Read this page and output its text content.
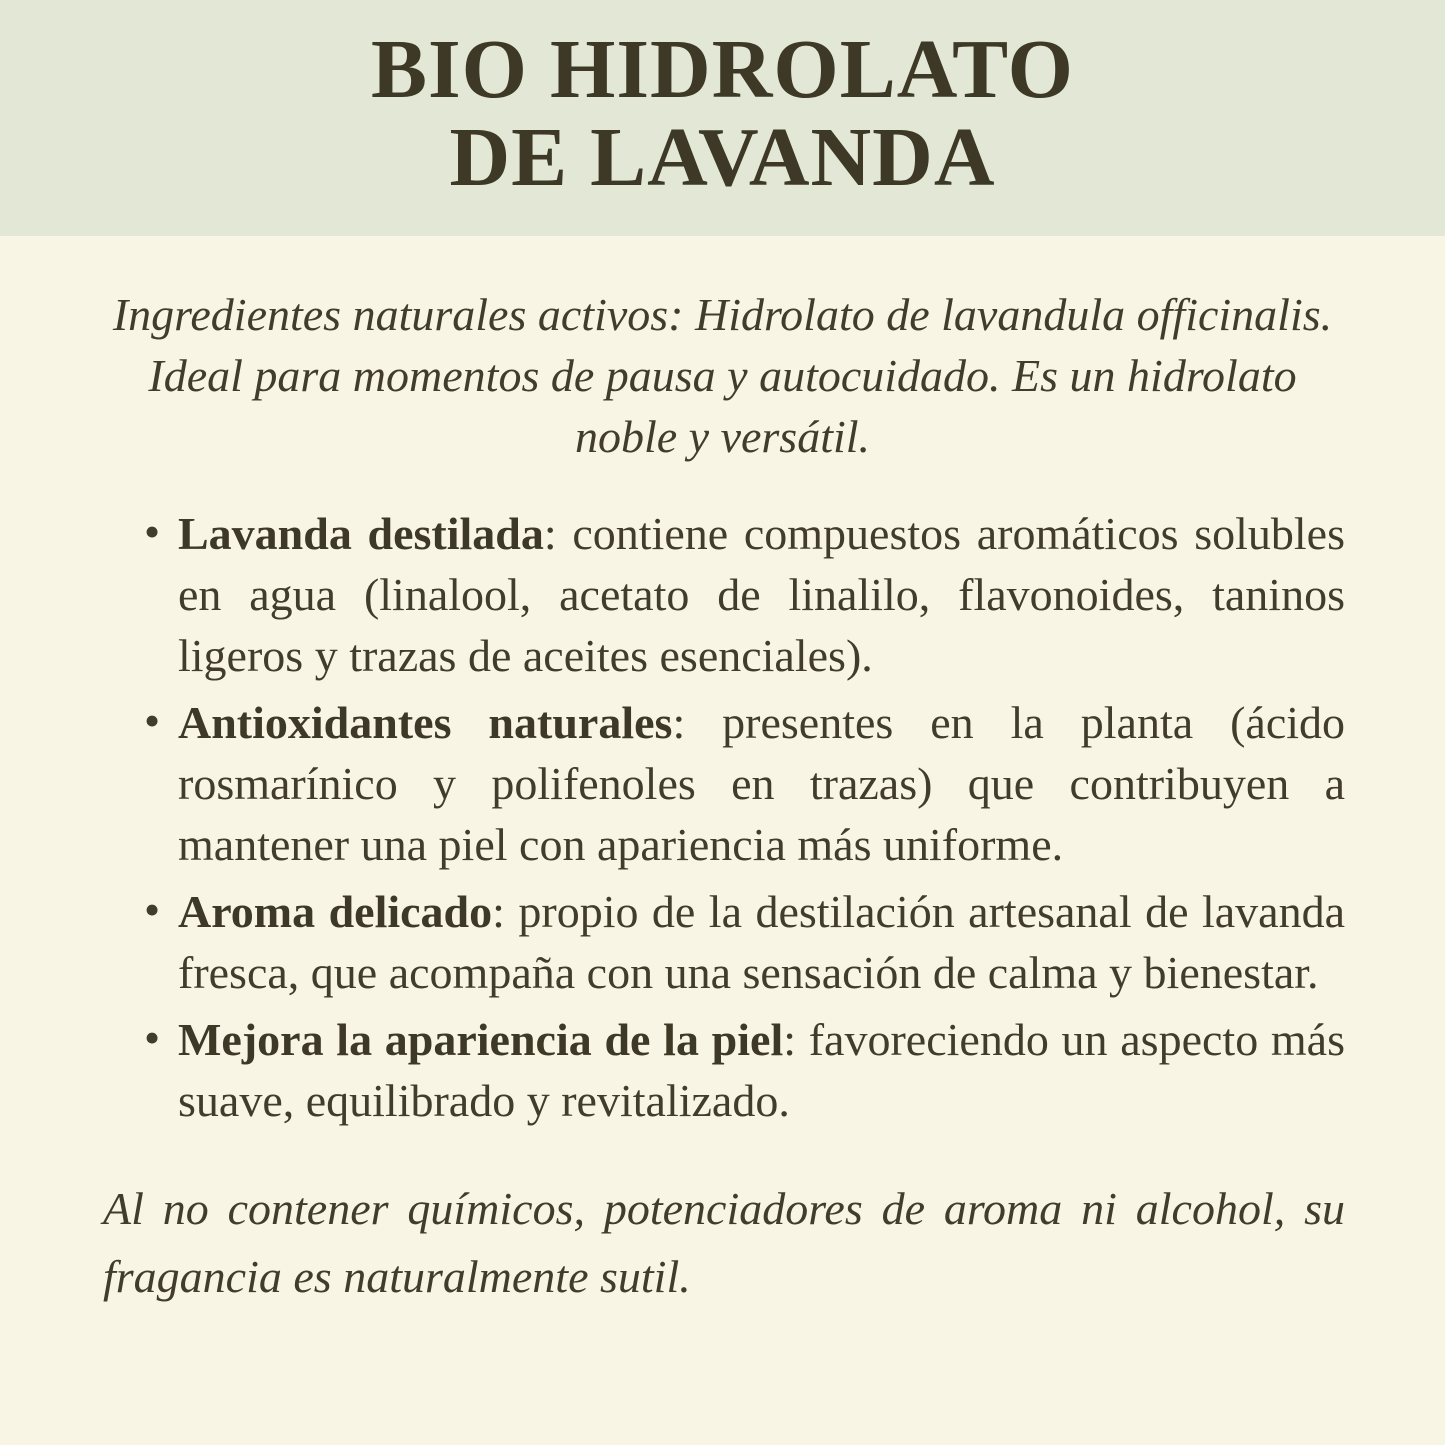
BIO HIDROLATO
DE LAVANDA
Ingredientes naturales activos: Hidrolato de lavandula officinalis.
Ideal para momentos de pausa y autocuidado. Es un hidrolato
noble y versátil.
• Lavanda destilada: contiene compuestos aromáticos solubles en agua (linalool, acetato de linalilo, flavonoides, taninos ligeros y trazas de aceites esenciales).
• Antioxidantes naturales: presentes en la planta (ácido rosmarínico y polifenoles en trazas) que contribuyen a mantener una piel con apariencia más uniforme.
• Aroma delicado: propio de la destilación artesanal de lavanda fresca, que acompaña con una sensación de calma y bienestar.
• Mejora la apariencia de la piel: favoreciendo un aspecto más suave, equilibrado y revitalizado.

Al no contener químicos, potenciadores de aroma ni alcohol, su fragancia es naturalmente sutil.
